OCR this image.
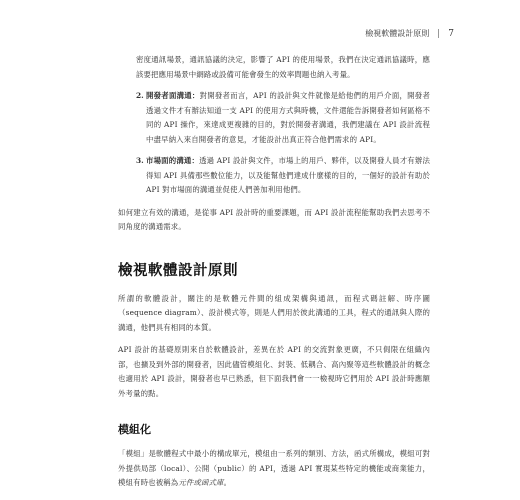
檢視軟體設計原則 7

密度通訊場景，通訊協議的決定，影響了 API 的使用場景，我們在決定通訊協議時，應該要把應用場景中網路或設備可能會發生的效率問題也納入考量。

2. 開發者面溝通：對開發者而言，API 的設計與文件就像是給他們的用戶介面，開發者透過文件才有辦法知道一支 API 的使用方式與時機，文件還能告訴開發者如何區格不同的 API 操作，來達成更複雜的目的，對於開發者溝通，我們建議在 API 設計流程中盡早納入來自開發者的意見，才能設計出真正符合他們需求的 API。

3. 市場面的溝通：透過 API 設計與文件，市場上的用戶、夥伴，以及開發人員才有辦法得知 API 具備那些數位能力，以及能幫他們達成什麼樣的目的，一個好的設計有助於 API 對市場面的溝通並促使人們善加利用他們。

如何建立有效的溝通，是從事 API 設計時的重要課題，而 API 設計流程能幫助我們去思考不同角度的溝通需求。

檢視軟體設計原則

所謂的軟體設計，關注的是軟體元件間的組成架構與通訊，而程式碼註解、時序圖（sequence diagram）、設計模式等，則是人們用於彼此溝通的工具，程式的通訊與人際的溝通，他們具有相同的本質。

API 設計的基礎原則來自於軟體設計，差異在於 API 的交流對象更廣，不只侷限在組織內部，也擴及到外部的開發者，因此儘管模組化、封裝、低耦合、高內聚等這些軟體設計的概念也適用於 API 設計，開發者也早已熟悉，但下面我們會一一檢視時它們用於 API 設計時應額外考量的點。

模組化

「模組」是軟體程式中最小的構成單元，模組由一系列的類別、方法，函式所構成，模組可對外提供局部（local）、公開（public）的 API，透過 API 實現某些特定的機能或商業能力，模組有時也被稱為元件或函式庫。
